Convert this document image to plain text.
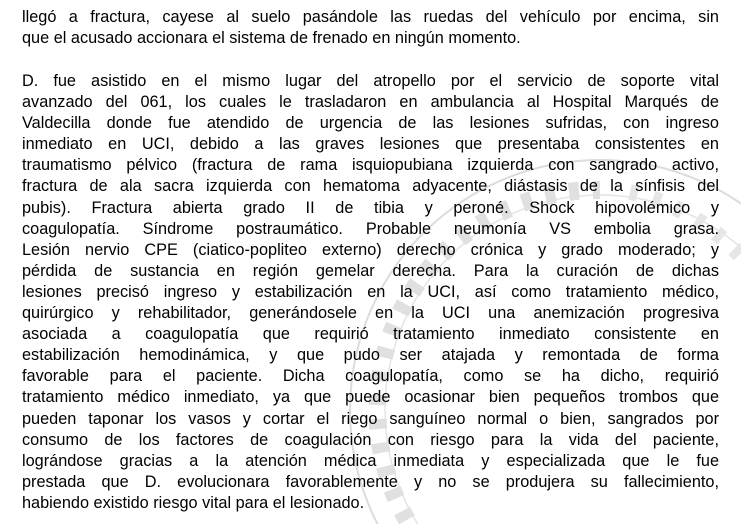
llegó a fractura, cayese al suelo pasándole las ruedas del vehículo por encima, sin
que el acusado accionara el sistema de frenado en ningún momento.
D. fue asistido en el mismo lugar del atropello por el servicio de soporte vital
avanzado del 061, los cuales le trasladaron en ambulancia al Hospital Marqués de
Valdecilla donde fue atendido de urgencia de las lesiones sufridas, con ingreso
inmediato en UCI, debido a las graves lesiones que presentaba consistentes en
traumatismo pélvico (fractura de rama isquiopubiana izquierda con sangrado activo,
fractura de ala sacra izquierda con hematoma adyacente, diástasis de la sínfisis del
pubis). Fractura abierta grado II de tibia y peroné. Shock hipovolémico y
coagulopatía. Síndrome postraumático. Probable neumonía VS embolia grasa.
Lesión nervio CPE (ciatico-popliteo externo) derecho crónica y grado moderado; y
pérdida de sustancia en región gemelar derecha. Para la curación de dichas
lesiones precisó ingreso y estabilización en la UCI, así como tratamiento médico,
quirúrgico y rehabilitador, generándosele en la UCI una anemización progresiva
asociada a coagulopatía que requirió tratamiento inmediato consistente en
estabilización hemodinámica, y que pudo ser atajada y remontada de forma
favorable para el paciente. Dicha coagulopatía, como se ha dicho, requirió
tratamiento médico inmediato, ya que puede ocasionar bien pequeños trombos que
pueden taponar los vasos y cortar el riego sanguíneo normal o bien, sangrados por
consumo de los factores de coagulación con riesgo para la vida del paciente,
lográndose gracias a la atención médica inmediata y especializada que le fue
prestada que D. evolucionara favorablemente y no se produjera su fallecimiento,
habiendo existido riesgo vital para el lesionado.
